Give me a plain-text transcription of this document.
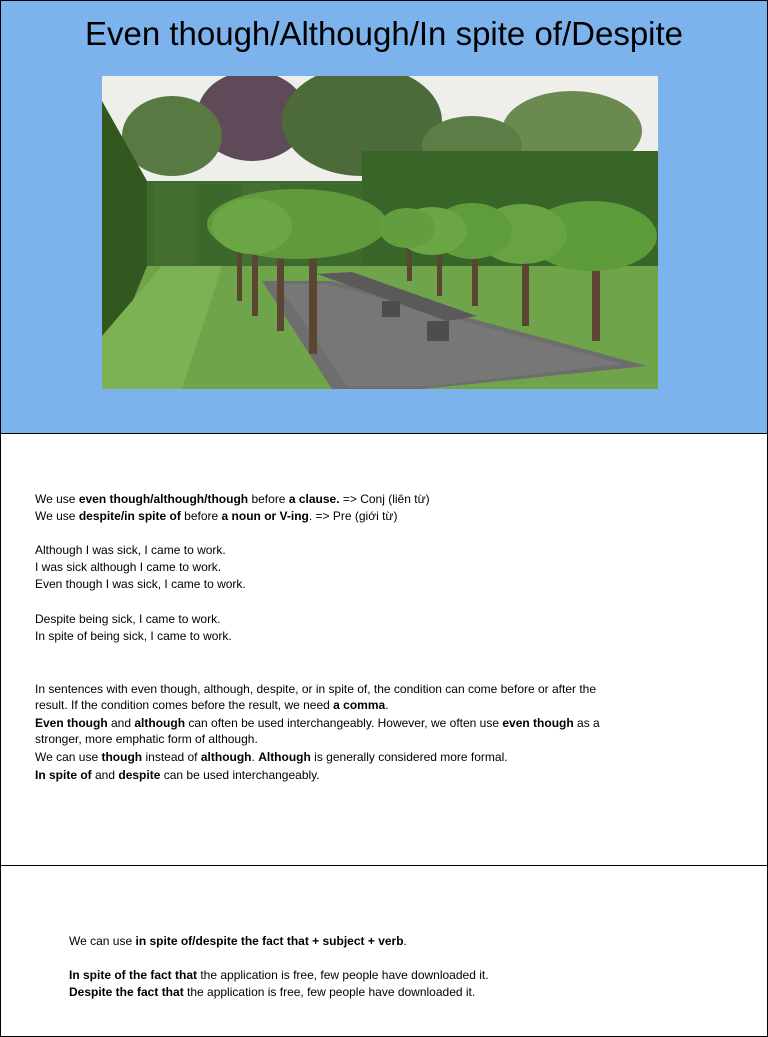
Even though/Although/In spite of/Despite

We use even though/although/though before a clause. => Conj (liên từ)

We use despite/in spite of before a noun or V-ing. => Pre (giới từ)

Although I was sick, I came to work.

I was sick although I came to work.

Even though I was sick, I came to work.

Despite being sick, I came to work.

In spite of being sick, I came to work.

In sentences with even though, although, despite, or in spite of, the condition can come before or after the result. If the condition comes before the result, we need a comma.

Even though and although can often be used interchangeably. However, we often use even though as a stronger, more emphatic form of although.

We can use though instead of although. Although is generally considered more formal.

In spite of and despite can be used interchangeably.

We can use in spite of/despite the fact that + subject + verb.

In spite of the fact that the application is free, few people have downloaded it.

Despite the fact that the application is free, few people have downloaded it.
